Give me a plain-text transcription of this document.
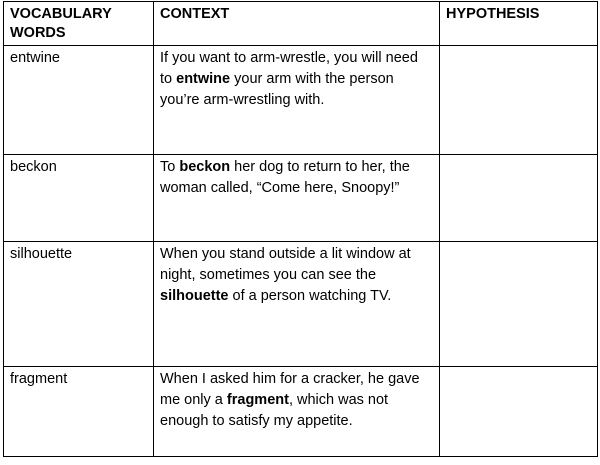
VOCABULARY WORDS	CONTEXT	HYPOTHESIS

entwine	If you want to arm-wrestle, you will need to entwine your arm with the person you’re arm-wrestling with.	

beckon	To beckon her dog to return to her, the woman called, “Come here, Snoopy!”	

silhouette	When you stand outside a lit window at night, sometimes you can see the silhouette of a person watching TV.	

fragment	When I asked him for a cracker, he gave me only a fragment, which was not enough to satisfy my appetite.	
